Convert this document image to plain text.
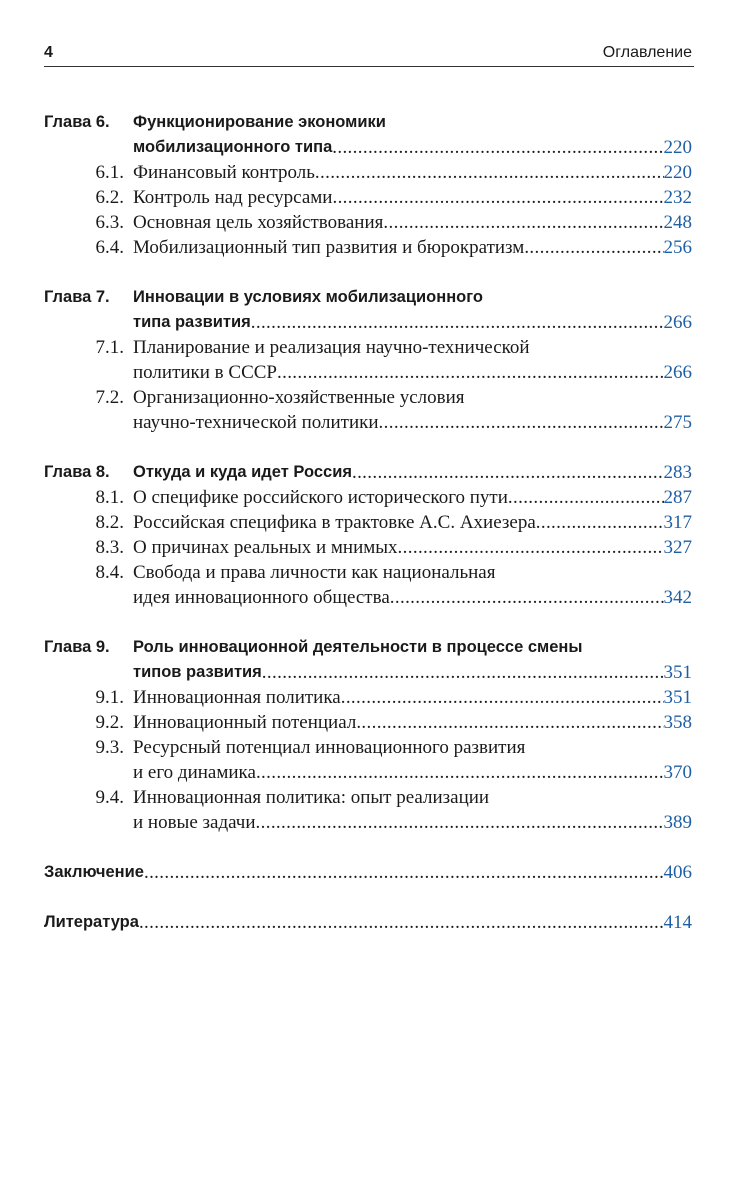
4	Оглавление
Глава 6. Функционирование экономики
мобилизационного типа . . .	220
6.1. Финансовый контроль . . .	220
6.2. Контроль над ресурсами . . .	232
6.3. Основная цель хозяйствования . . .	248
6.4. Мобилизационный тип развития и бюрократизм . . .	256
Глава 7. Инновации в условиях мобилизационного
типа развития . . .	266
7.1. Планирование и реализация научно-технической
политики в СССР . . .	266
7.2. Организационно-хозяйственные условия
научно-технической политики . . .	275
Глава 8. Откуда и куда идет Россия . . .	283
8.1. О специфике российского исторического пути . . .	287
8.2. Российская специфика в трактовке А.С. Ахиезера . . .	317
8.3. О причинах реальных и мнимых . . .	327
8.4. Свобода и права личности как национальная
идея инновационного общества . . .	342
Глава 9. Роль инновационной деятельности в процессе смены
типов развития . . .	351
9.1. Инновационная политика . . .	351
9.2. Инновационный потенциал . . .	358
9.3. Ресурсный потенциал инновационного развития
и его динамика . . .	370
9.4. Инновационная политика: опыт реализации
и новые задачи . . .	389
Заключение . . .	406
Литература . . .	414
